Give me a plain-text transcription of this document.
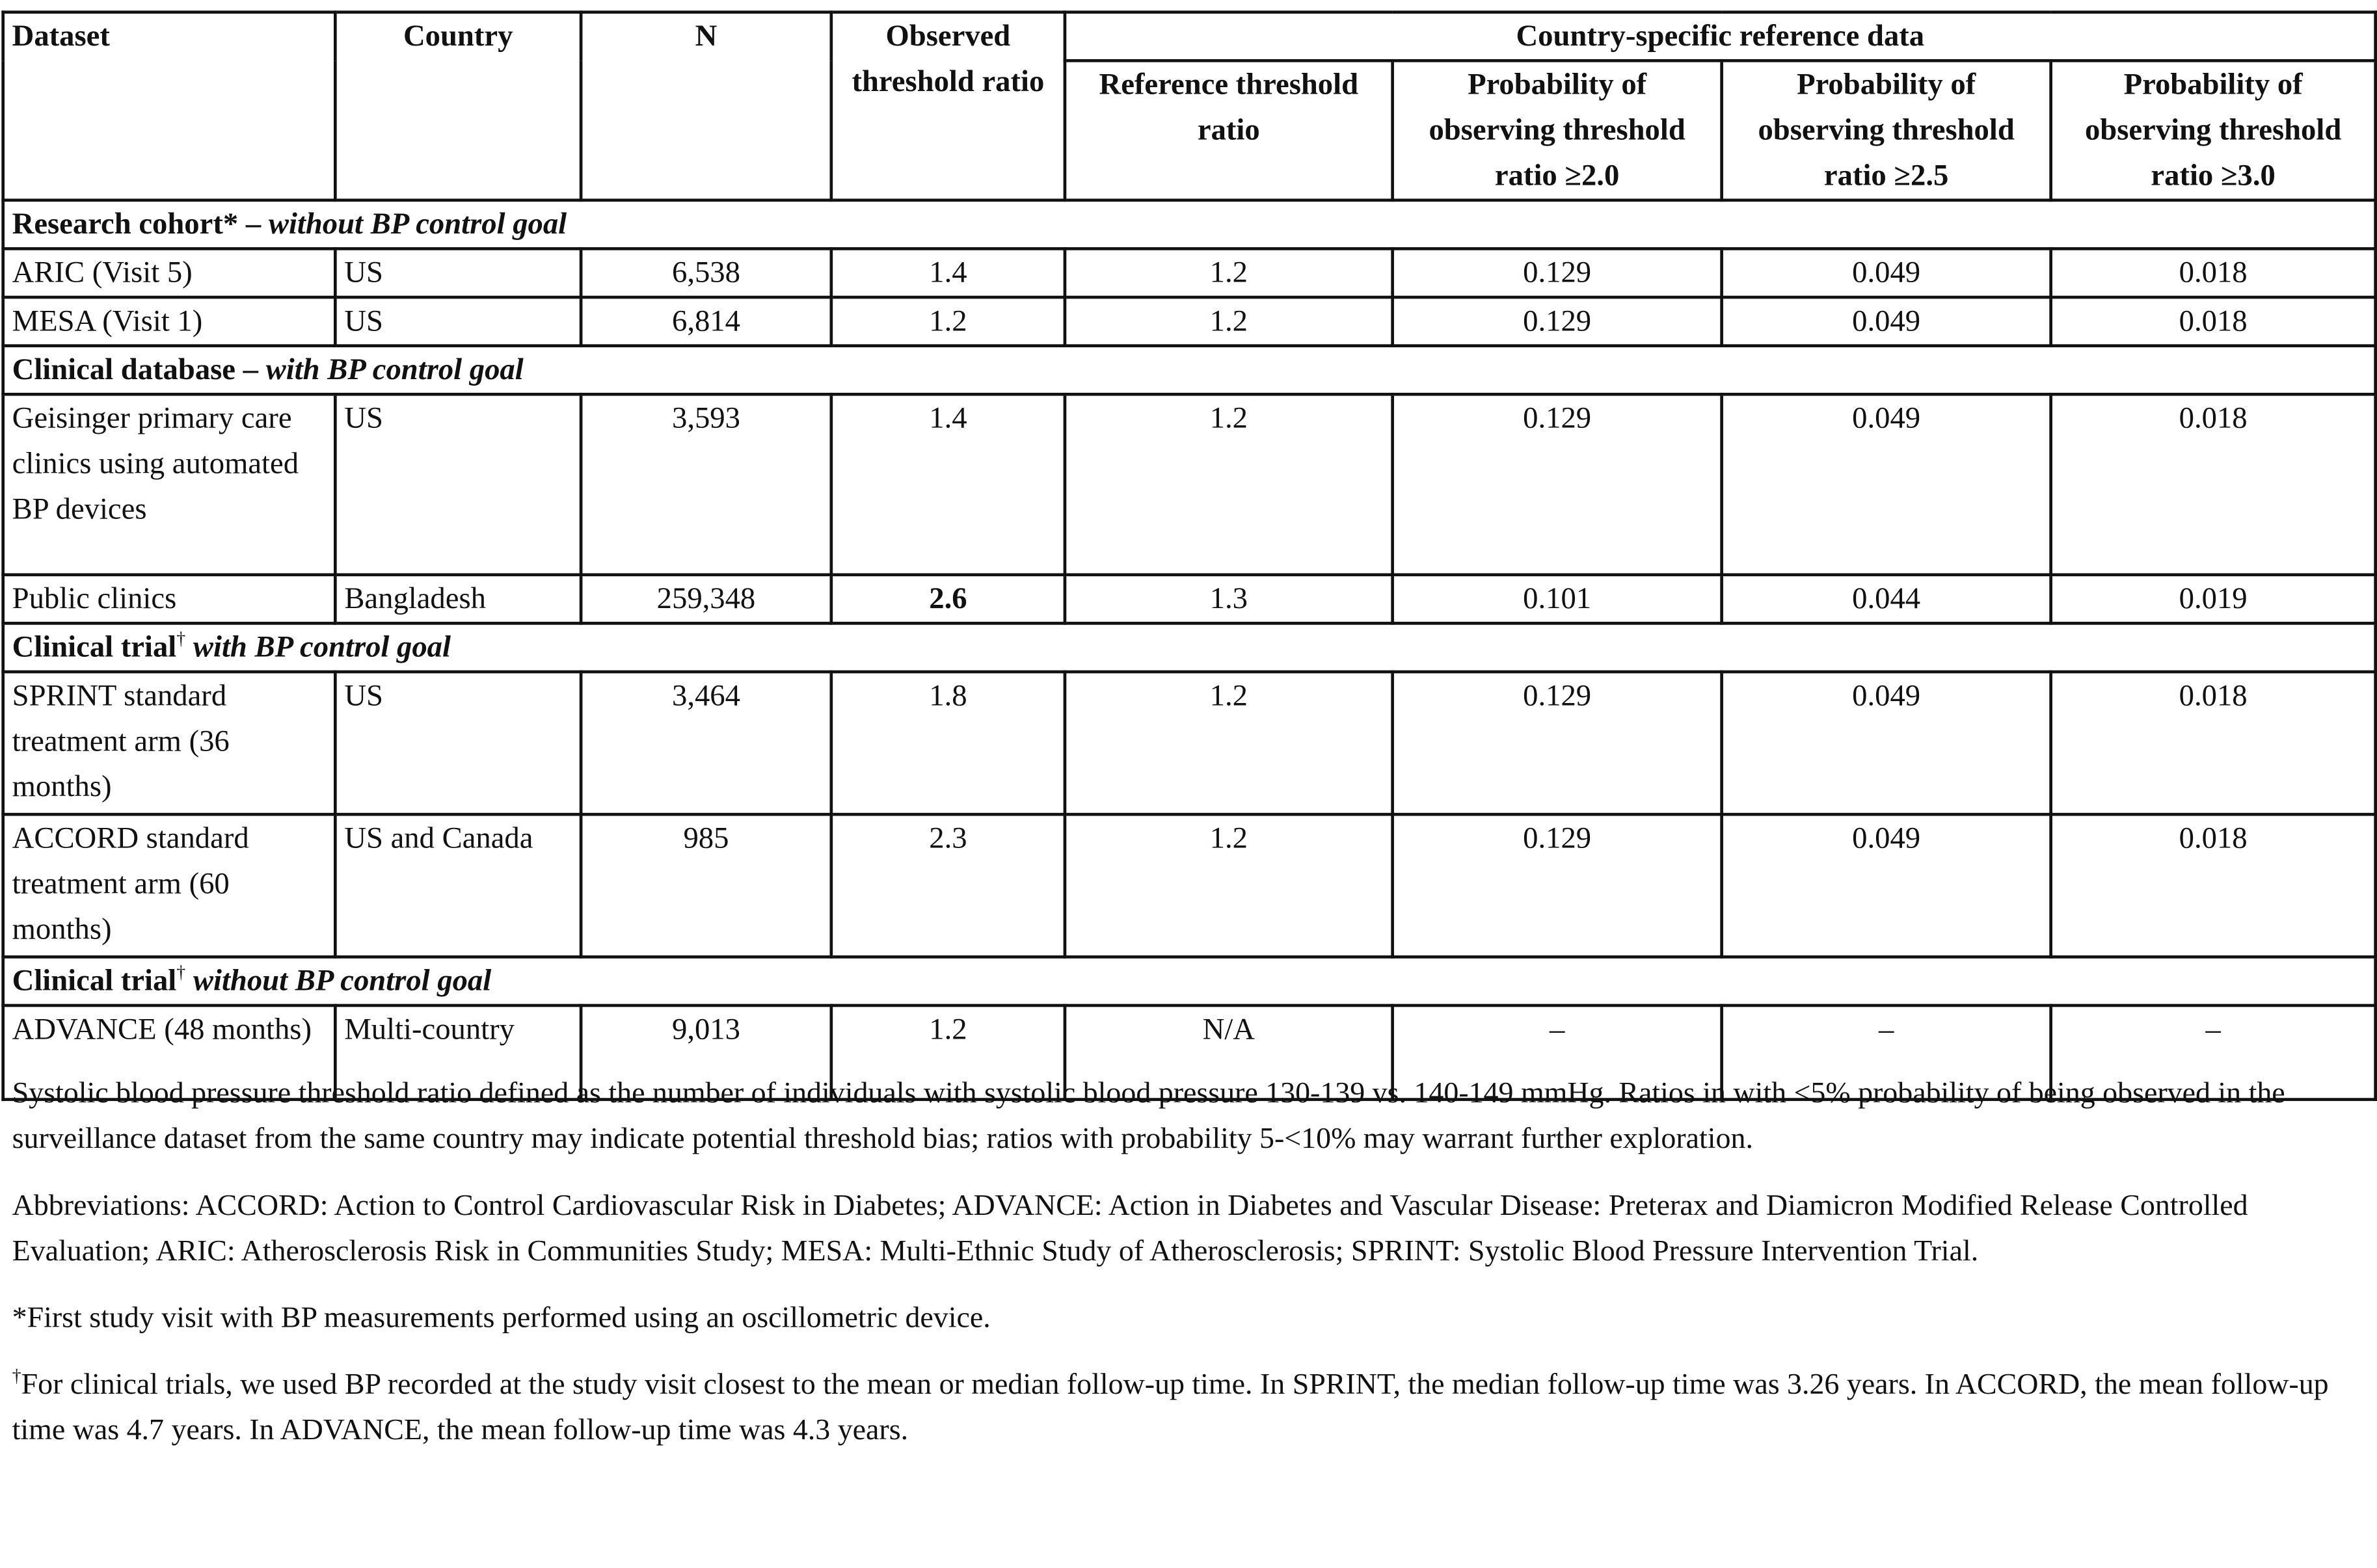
Dataset	Country	N	Observed threshold ratio	Country-specific reference data			
				Reference threshold ratio	Probability of observing threshold ratio ≥2.0	Probability of observing threshold ratio ≥2.5	Probability of observing threshold ratio ≥3.0
Research cohort* – without BP control goal							
ARIC (Visit 5)	US	6,538	1.4	1.2	0.129	0.049	0.018
MESA (Visit 1)	US	6,814	1.2	1.2	0.129	0.049	0.018
Clinical database – with BP control goal							
Geisinger primary care clinics using automated BP devices	US	3,593	1.4	1.2	0.129	0.049	0.018
Public clinics	Bangladesh	259,348	2.6	1.3	0.101	0.044	0.019
Clinical trial† with BP control goal							
SPRINT standard treatment arm (36 months)	US	3,464	1.8	1.2	0.129	0.049	0.018
ACCORD standard treatment arm (60 months)	US and Canada	985	2.3	1.2	0.129	0.049	0.018
Clinical trial† without BP control goal							
ADVANCE (48 months)	Multi-country	9,013	1.2	N/A	–	–	–

Systolic blood pressure threshold ratio defined as the number of individuals with systolic blood pressure 130-139 vs. 140-149 mmHg. Ratios in with <5% probability of being observed in the surveillance dataset from the same country may indicate potential threshold bias; ratios with probability 5-<10% may warrant further exploration.

Abbreviations: ACCORD: Action to Control Cardiovascular Risk in Diabetes; ADVANCE: Action in Diabetes and Vascular Disease: Preterax and Diamicron Modified Release Controlled Evaluation; ARIC: Atherosclerosis Risk in Communities Study; MESA: Multi-Ethnic Study of Atherosclerosis; SPRINT: Systolic Blood Pressure Intervention Trial.

*First study visit with BP measurements performed using an oscillometric device.

†For clinical trials, we used BP recorded at the study visit closest to the mean or median follow-up time. In SPRINT, the median follow-up time was 3.26 years. In ACCORD, the mean follow-up time was 4.7 years. In ADVANCE, the mean follow-up time was 4.3 years.
